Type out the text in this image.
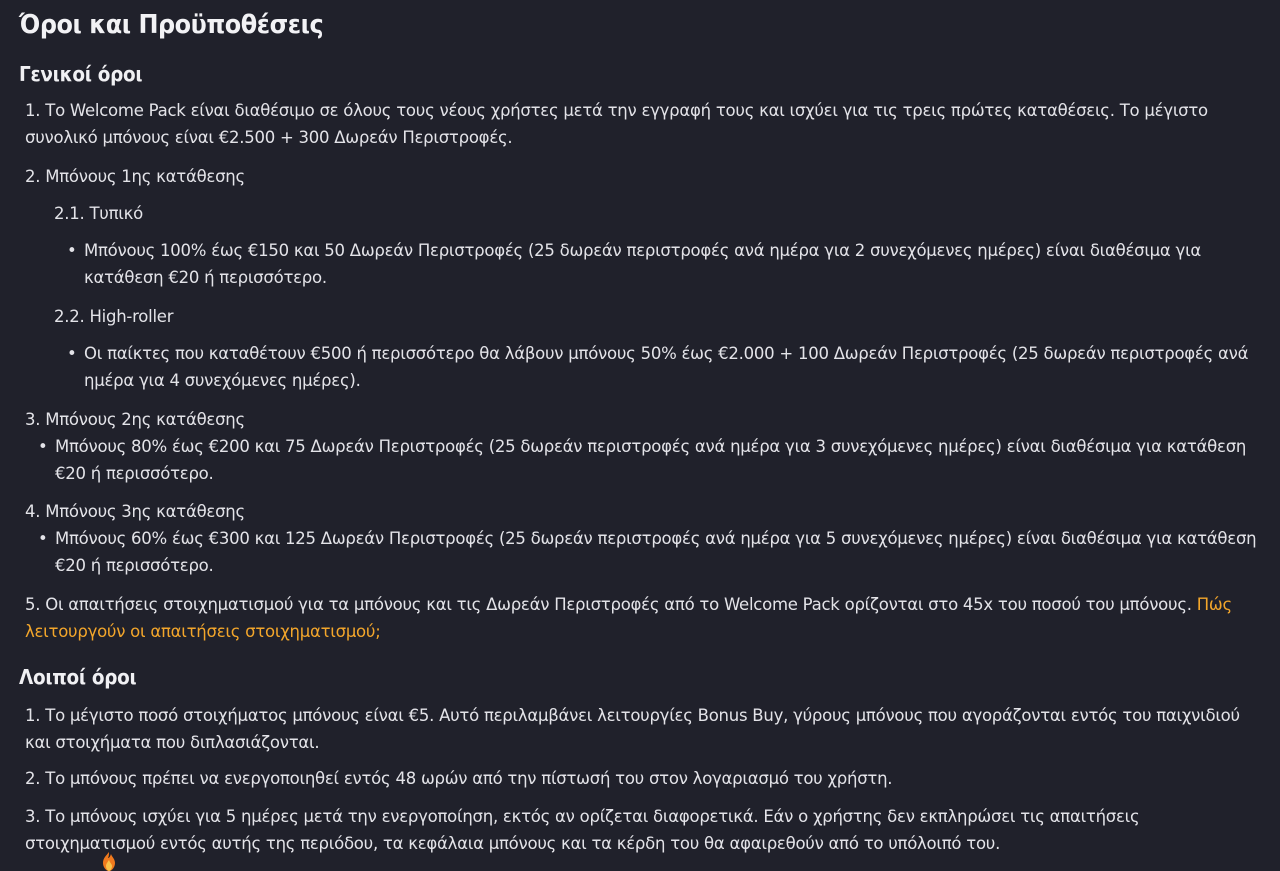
Όροι και Προϋποθέσεις
Γενικοί όροι

1. Το Welcome Pack είναι διαθέσιμο σε όλους τους νέους χρήστες μετά την εγγραφή τους και ισχύει για τις τρεις πρώτες καταθέσεις. Το μέγιστο συνολικό μπόνους είναι €2.500 + 300 Δωρεάν Περιστροφές.

2. Μπόνους 1ης κατάθεσης

2.1. Τυπικό

• Μπόνους 100% έως €150 και 50 Δωρεάν Περιστροφές (25 δωρεάν περιστροφές ανά ημέρα για 2 συνεχόμενες ημέρες) είναι διαθέσιμα για κατάθεση €20 ή περισσότερο.

2.2. High-roller

• Οι παίκτες που καταθέτουν €500 ή περισσότερο θα λάβουν μπόνους 50% έως €2.000 + 100 Δωρεάν Περιστροφές (25 δωρεάν περιστροφές ανά ημέρα για 4 συνεχόμενες ημέρες).

3. Μπόνους 2ης κατάθεσης

• Μπόνους 80% έως €200 και 75 Δωρεάν Περιστροφές (25 δωρεάν περιστροφές ανά ημέρα για 3 συνεχόμενες ημέρες) είναι διαθέσιμα για κατάθεση €20 ή περισσότερο.

4. Μπόνους 3ης κατάθεσης

• Μπόνους 60% έως €300 και 125 Δωρεάν Περιστροφές (25 δωρεάν περιστροφές ανά ημέρα για 5 συνεχόμενες ημέρες) είναι διαθέσιμα για κατάθεση €20 ή περισσότερο.

5. Οι απαιτήσεις στοιχηματισμού για τα μπόνους και τις Δωρεάν Περιστροφές από το Welcome Pack ορίζονται στο 45x του ποσού του μπόνους. Πώς λειτουργούν οι απαιτήσεις στοιχηματισμού;

Λοιποί όροι

1. Το μέγιστο ποσό στοιχήματος μπόνους είναι €5. Αυτό περιλαμβάνει λειτουργίες Bonus Buy, γύρους μπόνους που αγοράζονται εντός του παιχνιδιού και στοιχήματα που διπλασιάζονται.

2. Το μπόνους πρέπει να ενεργοποιηθεί εντός 48 ωρών από την πίστωσή του στον λογαριασμό του χρήστη.

3. Το μπόνους ισχύει για 5 ημέρες μετά την ενεργοποίηση, εκτός αν ορίζεται διαφορετικά. Εάν ο χρήστης δεν εκπληρώσει τις απαιτήσεις στοιχηματισμού εντός αυτής της περιόδου, τα κεφάλαια μπόνους και τα κέρδη του θα αφαιρεθούν από το υπόλοιπό του.
